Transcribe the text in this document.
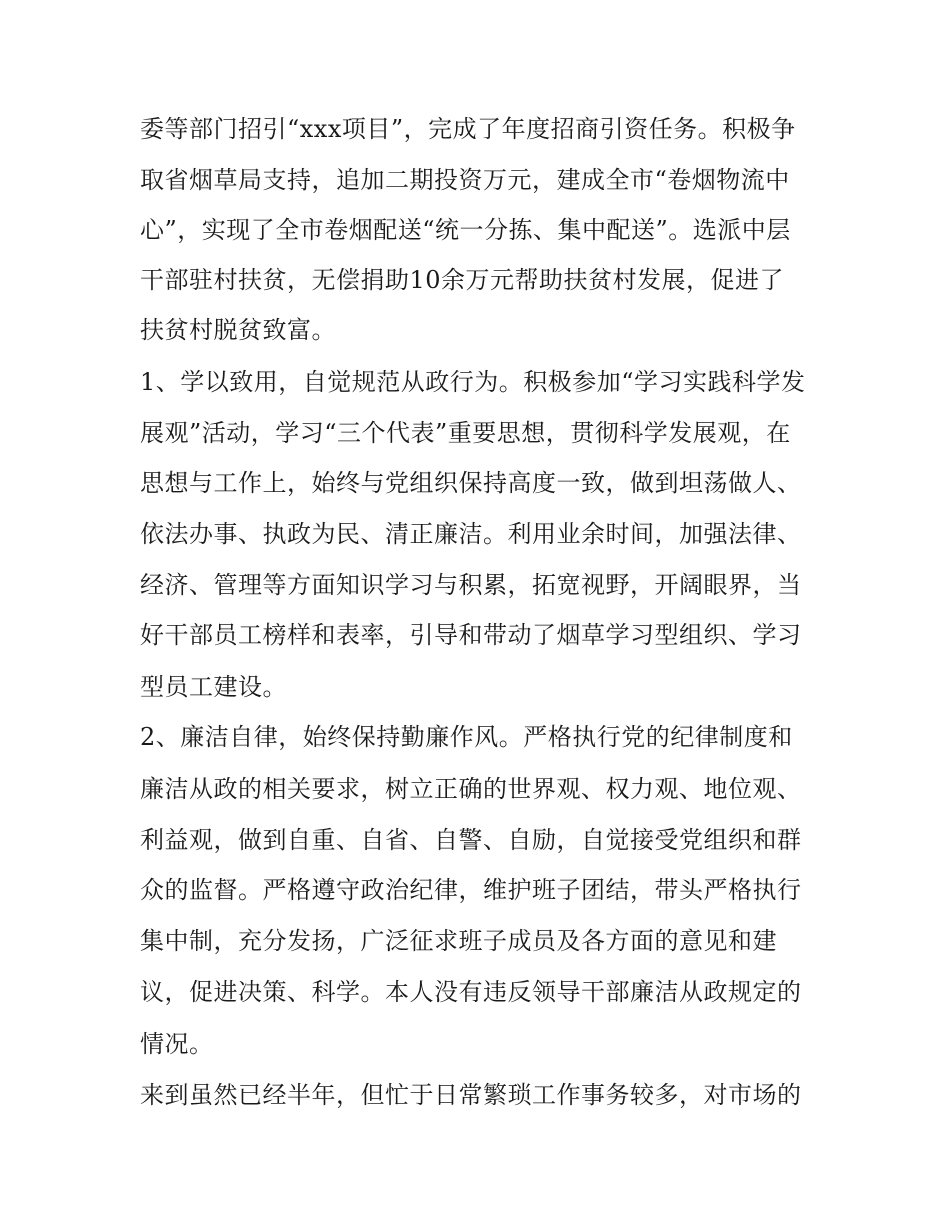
委等部门招引“xxx项目”，完成了年度招商引资任务。积极争
取省烟草局支持，追加二期投资万元，建成全市“卷烟物流中
心”，实现了全市卷烟配送“统一分拣、集中配送”。选派中层
干部驻村扶贫，无偿捐助10余万元帮助扶贫村发展，促进了
扶贫村脱贫致富。
1、学以致用，自觉规范从政行为。积极参加“学习实践科学发
展观”活动，学习“三个代表”重要思想，贯彻科学发展观，在
思想与工作上，始终与党组织保持高度一致，做到坦荡做人、
依法办事、执政为民、清正廉洁。利用业余时间，加强法律、
经济、管理等方面知识学习与积累，拓宽视野，开阔眼界，当
好干部员工榜样和表率，引导和带动了烟草学习型组织、学习
型员工建设。
2、廉洁自律，始终保持勤廉作风。严格执行党的纪律制度和
廉洁从政的相关要求，树立正确的世界观、权力观、地位观、
利益观，做到自重、自省、自警、自励，自觉接受党组织和群
众的监督。严格遵守政治纪律，维护班子团结，带头严格执行
集中制，充分发扬，广泛征求班子成员及各方面的意见和建
议，促进决策、科学。本人没有违反领导干部廉洁从政规定的
情况。
来到虽然已经半年，但忙于日常繁琐工作事务较多，对市场的
